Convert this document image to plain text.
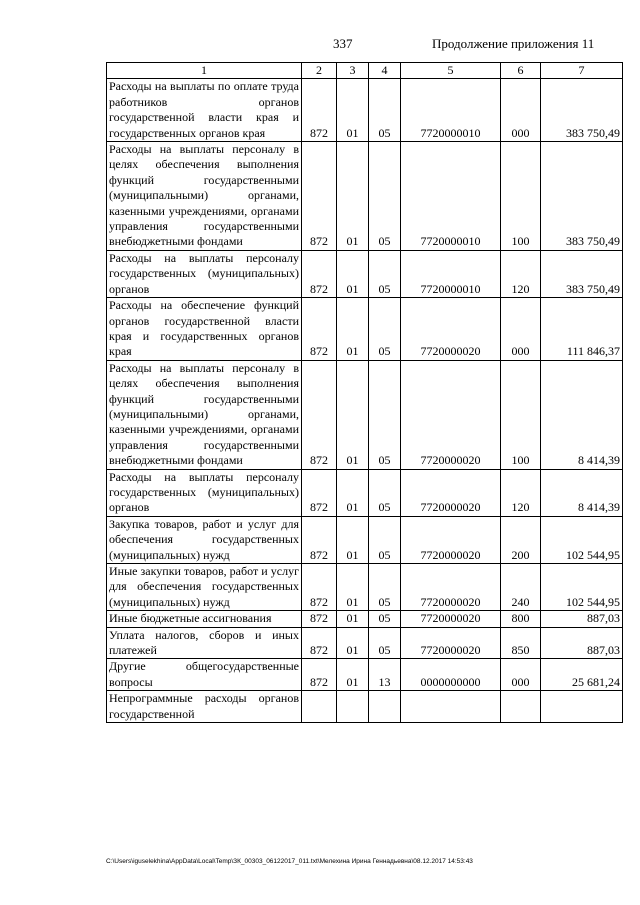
337	Продолжение приложения 11
1	2	3	4	5	6	7
Расходы на выплаты по оплате труда работников органов государственной власти края и государственных органов края	872	01	05	7720000010	000	383 750,49
Расходы на выплаты персоналу в целях обеспечения выполнения функций государственными (муниципальными) органами, казенными учреждениями, органами управления государственными внебюджетными фондами	872	01	05	7720000010	100	383 750,49
Расходы на выплаты персоналу государственных (муниципальных) органов	872	01	05	7720000010	120	383 750,49
Расходы на обеспечение функций органов государственной власти края и государственных органов края	872	01	05	7720000020	000	111 846,37
Расходы на выплаты персоналу в целях обеспечения выполнения функций государственными (муниципальными) органами, казенными учреждениями, органами управления государственными внебюджетными фондами	872	01	05	7720000020	100	8 414,39
Расходы на выплаты персоналу государственных (муниципальных) органов	872	01	05	7720000020	120	8 414,39
Закупка товаров, работ и услуг для обеспечения государственных (муниципальных) нужд	872	01	05	7720000020	200	102 544,95
Иные закупки товаров, работ и услуг для обеспечения государственных (муниципальных) нужд	872	01	05	7720000020	240	102 544,95
Иные бюджетные ассигнования	872	01	05	7720000020	800	887,03
Уплата налогов, сборов и иных платежей	872	01	05	7720000020	850	887,03
Другие общегосударственные вопросы	872	01	13	0000000000	000	25 681,24
Непрограммные расходы органов государственной						
C:\Users\iguselekhina\AppData\Local\Temp\ЗК_00303_06122017_011.txt\Мелехина Ирина Геннадьевна\08.12.2017 14:53:43
